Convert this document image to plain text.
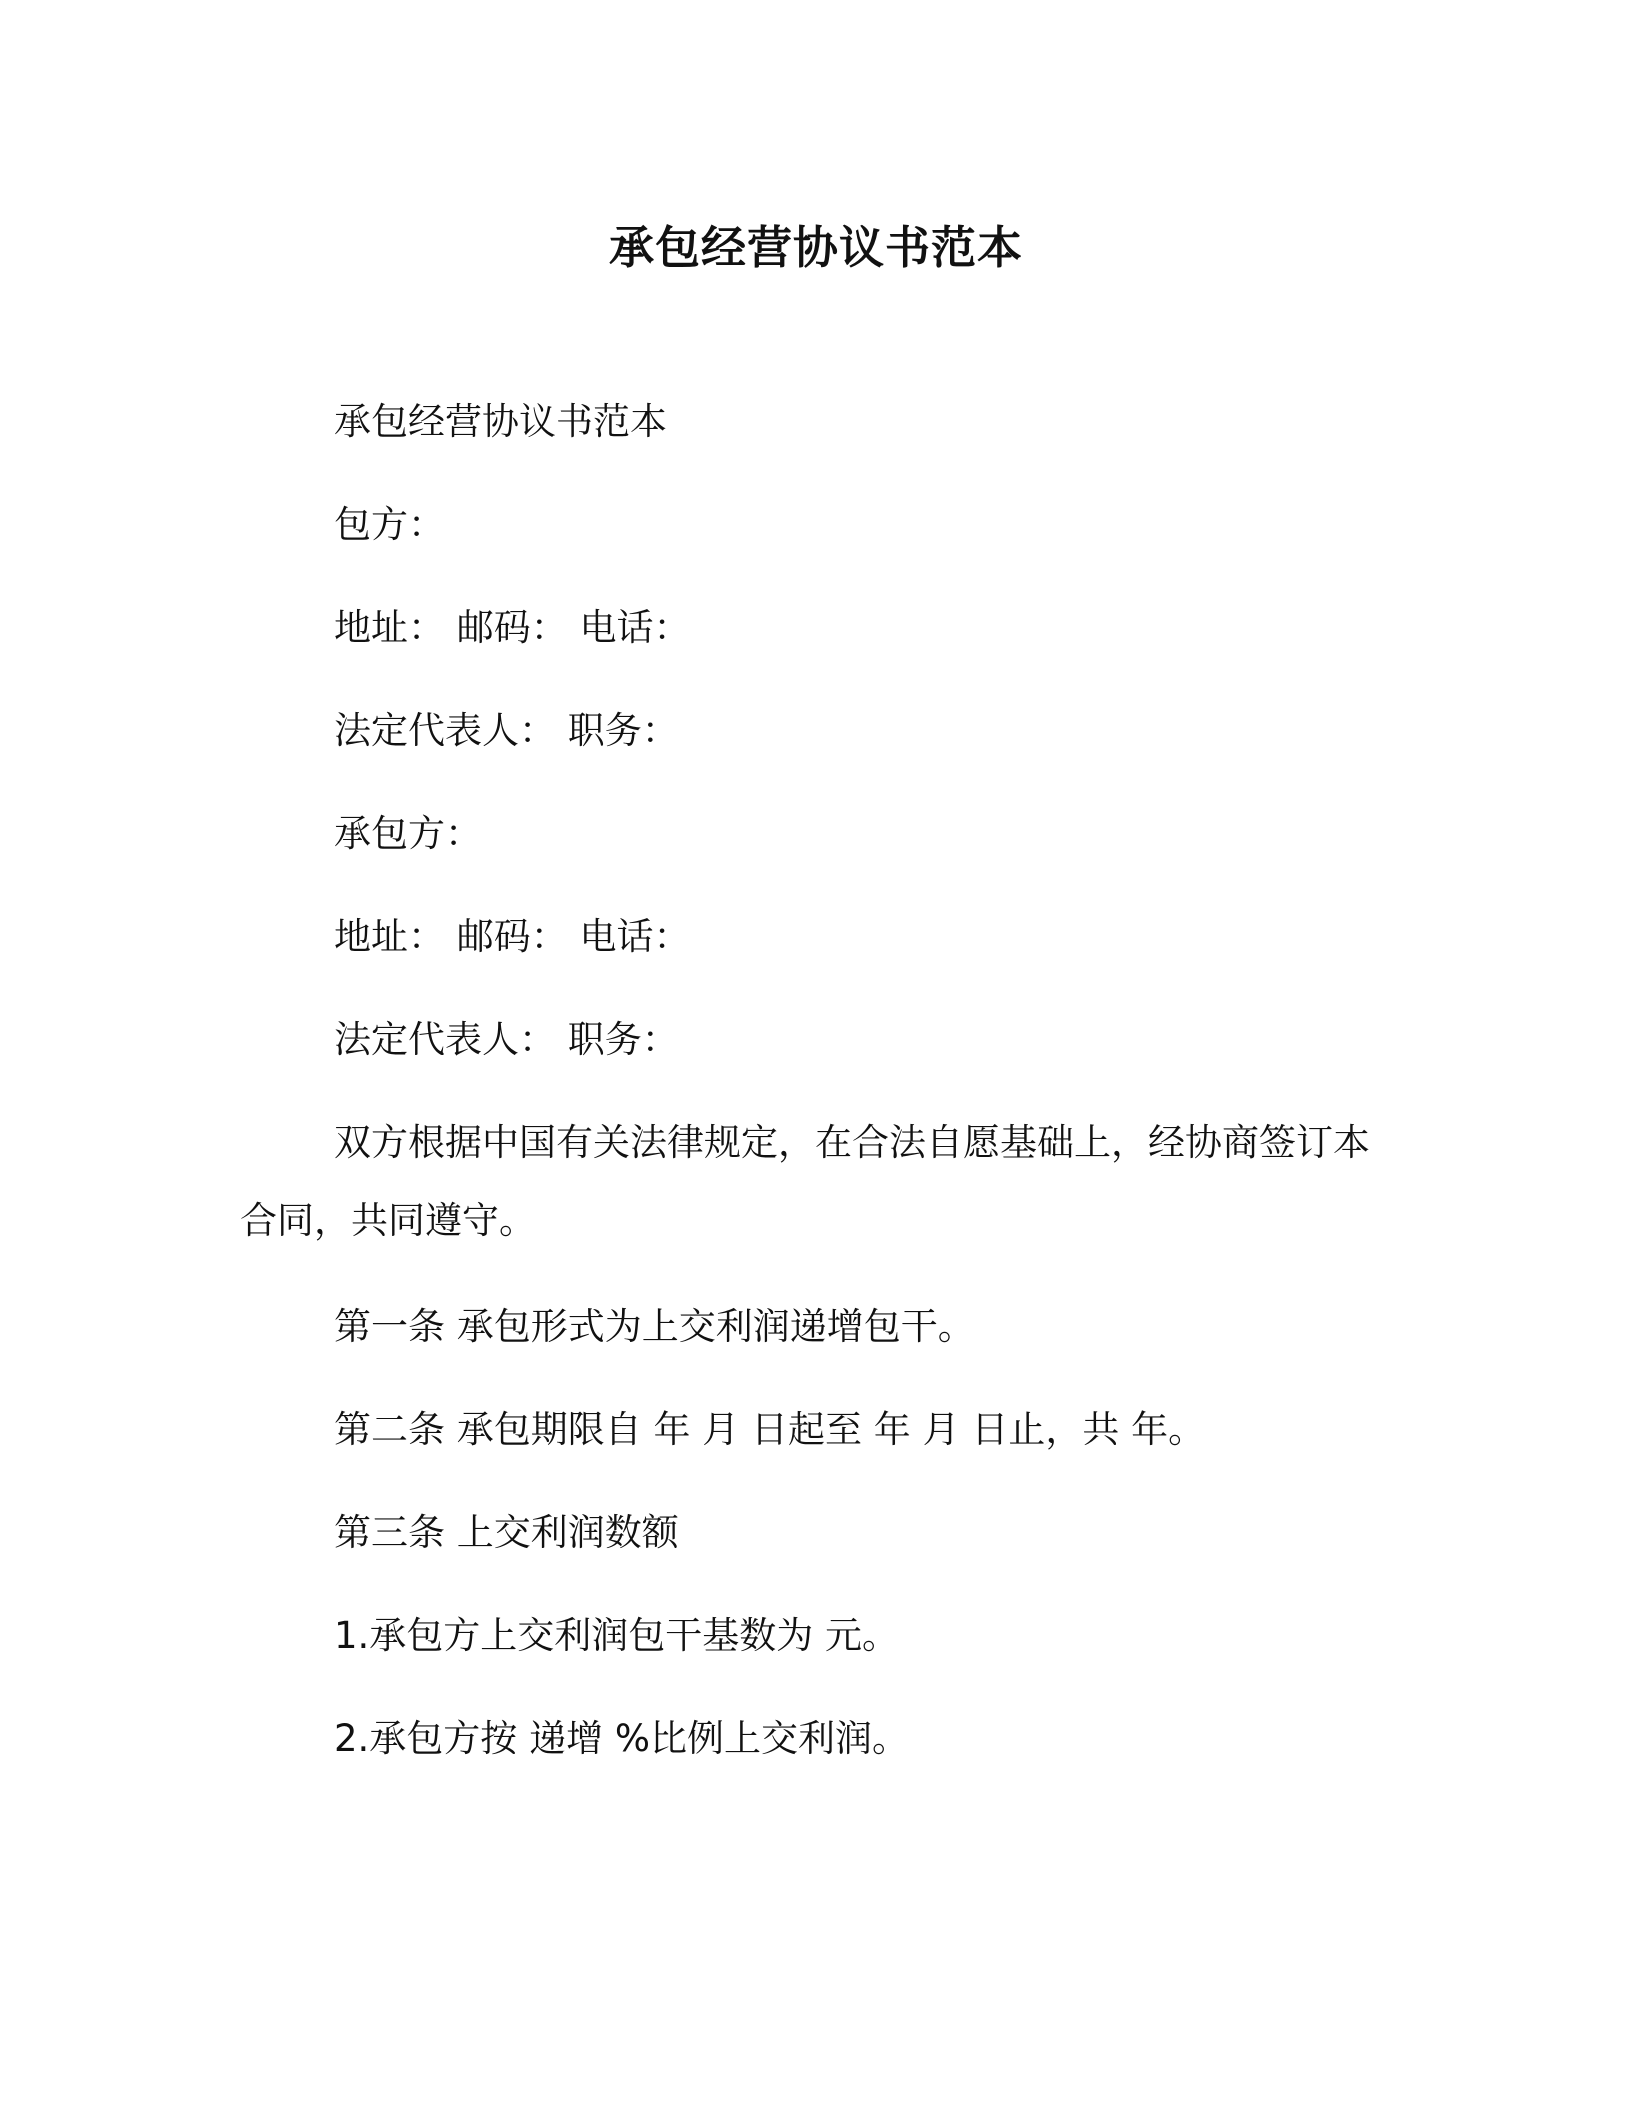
承包经营协议书范本
承包经营协议书范本
包方：
地址： 邮码： 电话：
法定代表人： 职务：
承包方：
地址： 邮码： 电话：
法定代表人： 职务：
双方根据中国有关法律规定，在合法自愿基础上，经协商签订本合同，共同遵守。
第一条 承包形式为上交利润递增包干。
第二条 承包期限自 年 月 日起至 年 月 日止，共 年。
第三条 上交利润数额
1.承包方上交利润包干基数为 元。
2.承包方按 递增 %比例上交利润。
